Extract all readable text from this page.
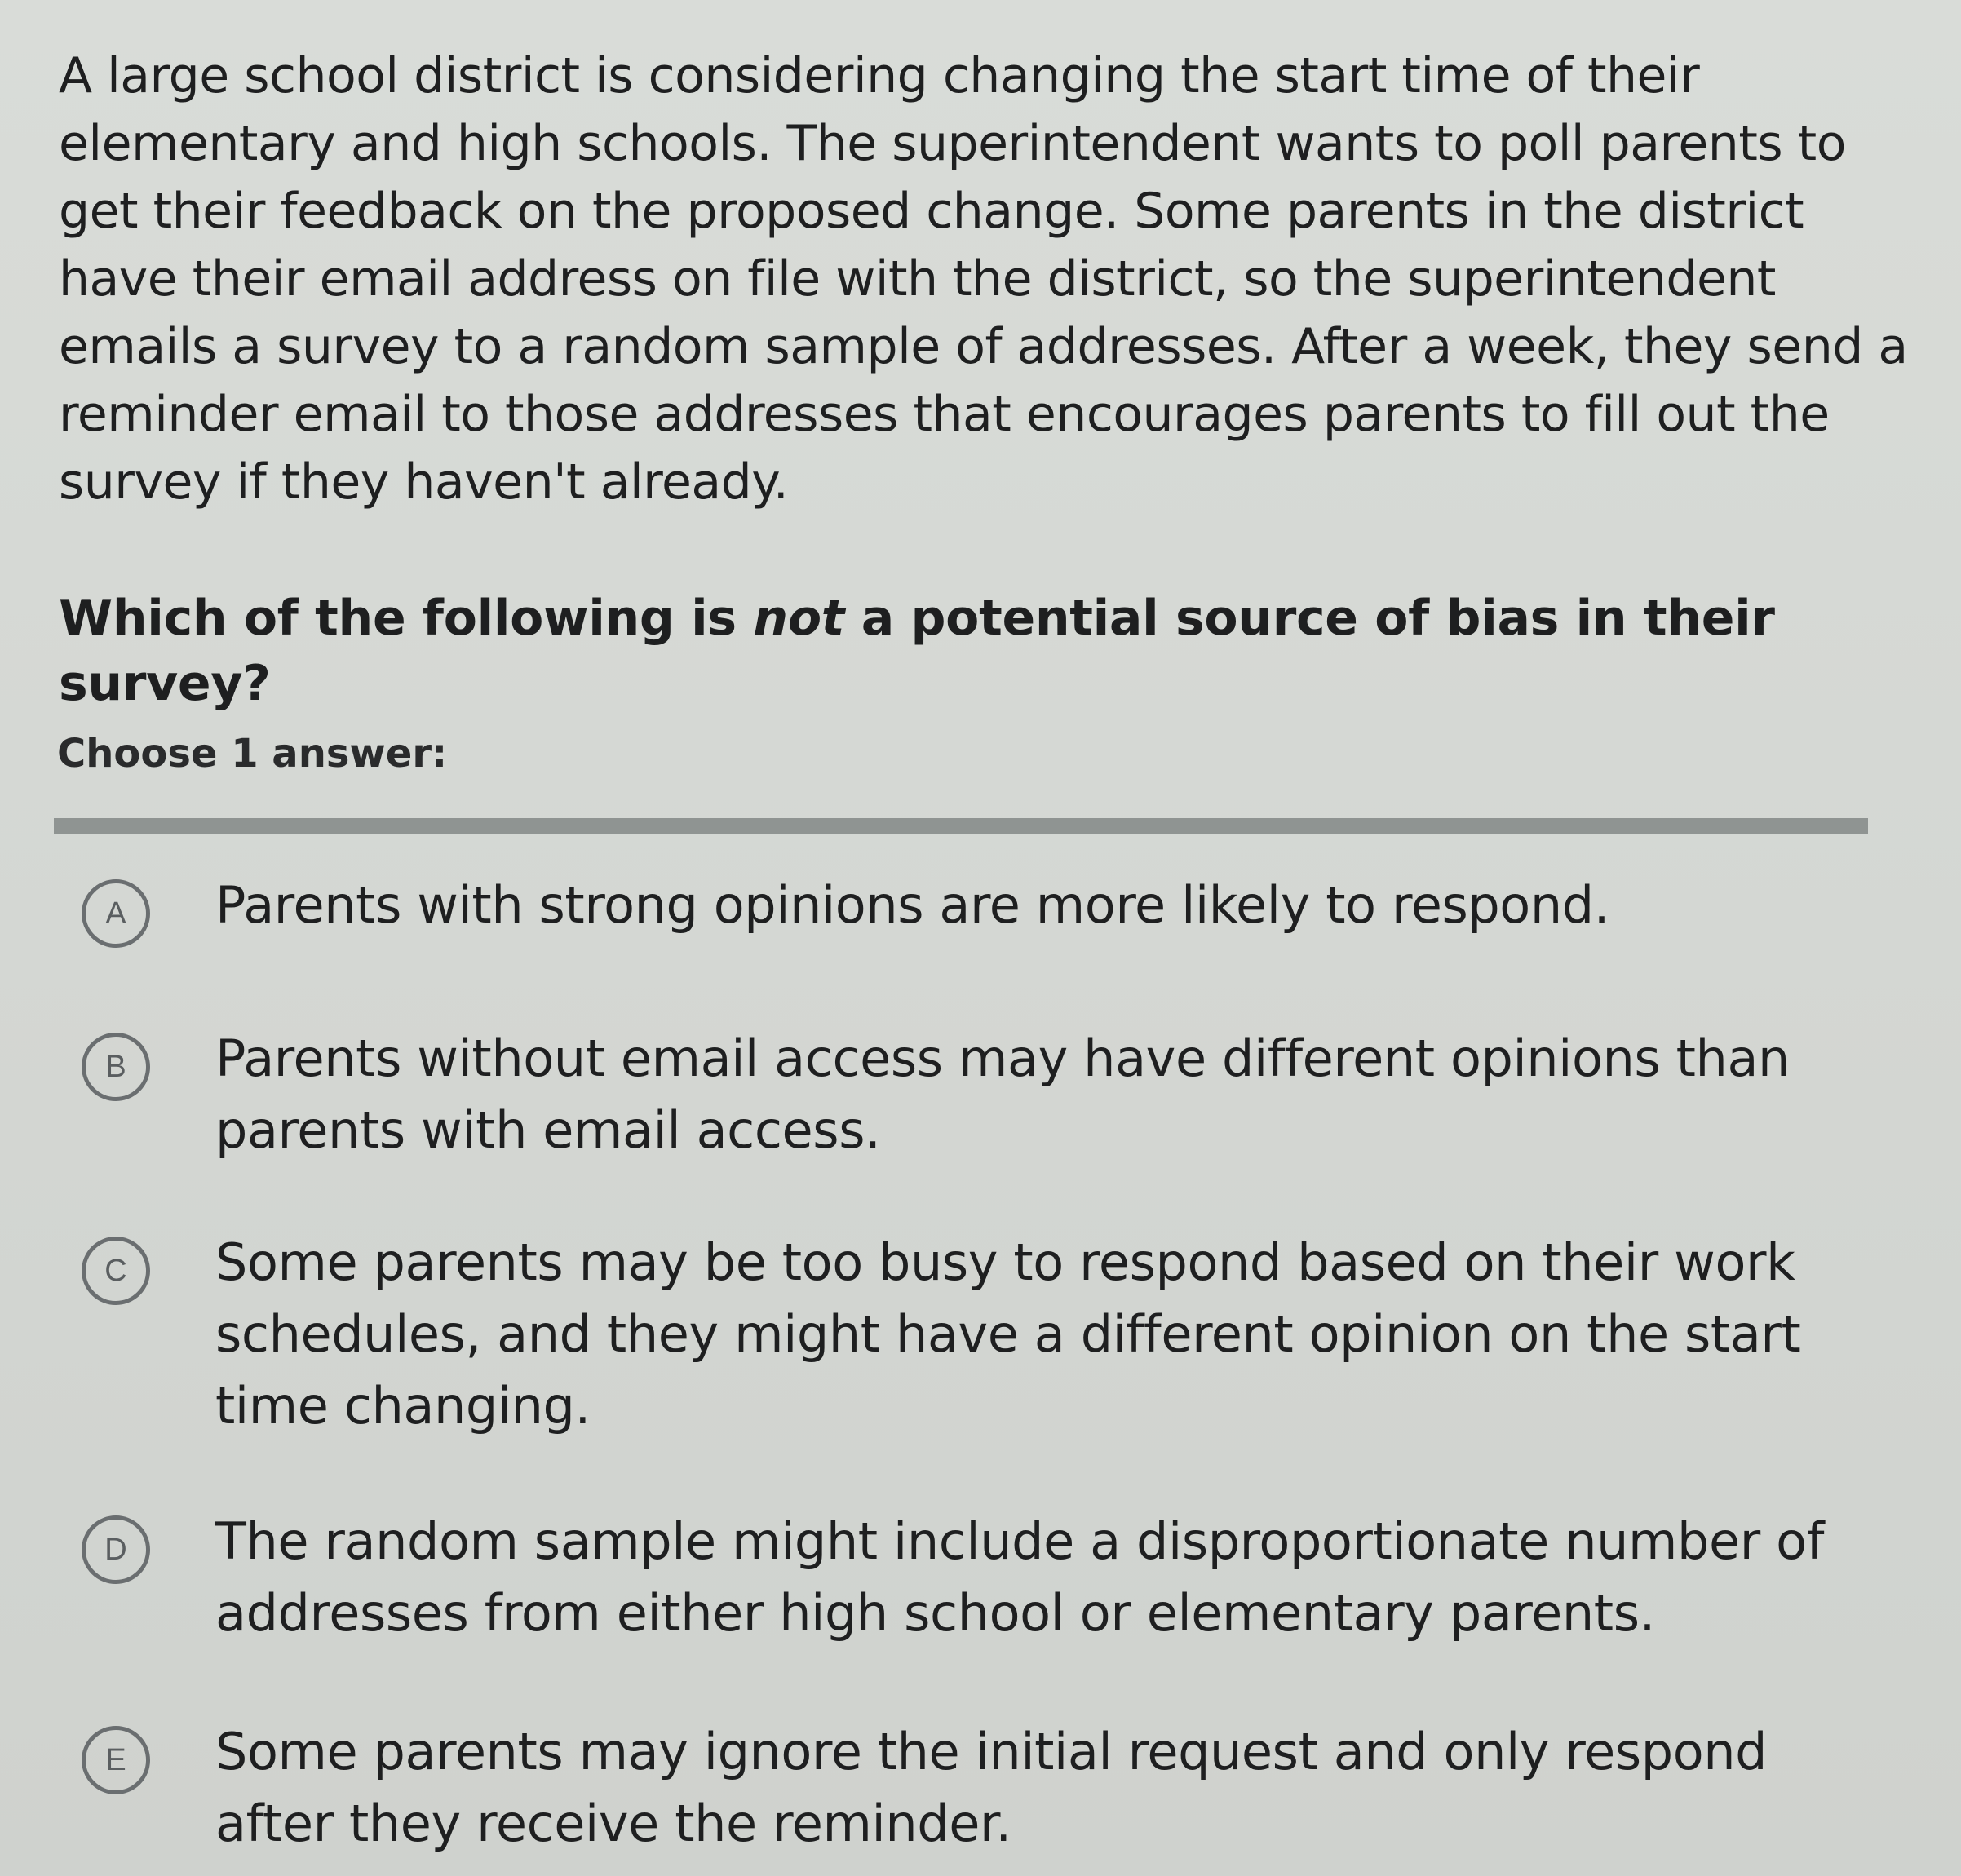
A large school district is considering changing the start time of their elementary and high schools. The superintendent wants to poll parents to get their feedback on the proposed change. Some parents in the district have their email address on file with the district, so the superintendent emails a survey to a random sample of addresses. After a week, they send a reminder email to those addresses that encourages parents to fill out the survey if they haven't already.

Which of the following is not a potential source of bias in their survey?

Choose 1 answer:

A	Parents with strong opinions are more likely to respond.

B	Parents without email access may have different opinions than parents with email access.

C	Some parents may be too busy to respond based on their work schedules, and they might have a different opinion on the start time changing.

D	The random sample might include a disproportionate number of addresses from either high school or elementary parents.

E	Some parents may ignore the initial request and only respond after they receive the reminder.
